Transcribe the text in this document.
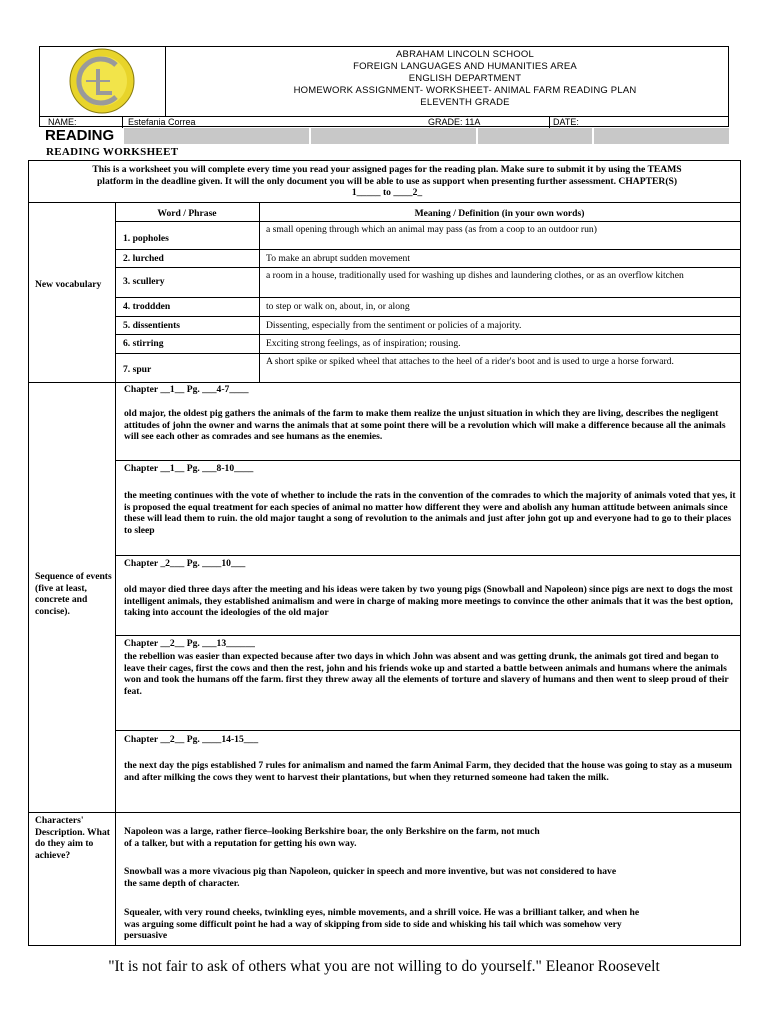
ABRAHAM LINCOLN SCHOOL
FOREIGN LANGUAGES AND HUMANITIES AREA
ENGLISH DEPARTMENT
HOMEWORK ASSIGNMENT- WORKSHEET- ANIMAL FARM READING PLAN
ELEVENTH GRADE
NAME:	Estefania Correa	GRADE: 11A	DATE:
READING
READING WORKSHEET
This is a worksheet you will complete every time you read your assigned pages for the reading plan. Make sure to submit it by using the TEAMS
platform in the deadline given. It will the only document you will be able to use as support when presenting further assessment. CHAPTER(S)
1_____ to ____2_
Word / Phrase	Meaning / Definition (in your own words)
New vocabulary
1. popholes
a small opening through which an animal may pass (as from a coop to an outdoor run)
2. lurched	To make an abrupt sudden movement
3. scullery
a room in a house, traditionally used for washing up dishes and laundering clothes, or as an overflow kitchen
4. troddden	to step or walk on, about, in, or along
5. dissentients	Dissenting, especially from the sentiment or policies of a majority.
6. stirring	Exciting strong feelings, as of inspiration; rousing.
7. spur
A short spike or spiked wheel that attaches to the heel of a rider's boot and is used to urge a horse forward.
Sequence of events (five at least, concrete and concise).
Chapter __1__ Pg. ___4-7____
old major, the oldest pig gathers the animals of the farm to make them realize the unjust situation in which they are living, describes the negligent attitudes of john the owner and warns the animals that at some point there will be a revolution which will make a difference because all the animals will see each other as comrades and see humans as the enemies.
Chapter __1__ Pg. ___8-10____
the meeting continues with the vote of whether to include the rats in the convention of the comrades to which the majority of animals voted that yes, it is proposed the equal treatment for each species of animal no matter how different they were and abolish any human attitude between animals since these will lead them to ruin. the old major taught a song of revolution to the animals and just after john got up and everyone had to go to their places to sleep
Chapter _2___ Pg. ____10___
old mayor died three days after the meeting and his ideas were taken by two young pigs (Snowball and Napoleon) since pigs are next to dogs the most intelligent animals, they established animalism and were in charge of making more meetings to convince the other animals that it was the best option, taking into account the ideologies of the old major
Chapter __2__ Pg. ___13______
the rebellion was easier than expected because after two days in which John was absent and was getting drunk, the animals got tired and began to leave their cages, first the cows and then the rest, john and his friends woke up and started a battle between animals and humans where the animals won and took the humans off the farm. first they threw away all the elements of torture and slavery of humans and then went to sleep proud of their feat.
Chapter __2__ Pg. ____14-15___
the next day the pigs established 7 rules for animalism and named the farm Animal Farm, they decided that the house was going to stay as a museum and after milking the cows they went to harvest their plantations, but when they returned someone had taken the milk.
Characters' Description. What do they aim to achieve?
Napoleon was a large, rather fierce–looking Berkshire boar, the only Berkshire on the farm, not much of a talker, but with a reputation for getting his own way.
Snowball was a more vivacious pig than Napoleon, quicker in speech and more inventive, but was not considered to have the same depth of character.
Squealer, with very round cheeks, twinkling eyes, nimble movements, and a shrill voice. He was a brilliant talker, and when he was arguing some difficult point he had a way of skipping from side to side and whisking his tail which was somehow very persuasive
"It is not fair to ask of others what you are not willing to do yourself." Eleanor Roosevelt
